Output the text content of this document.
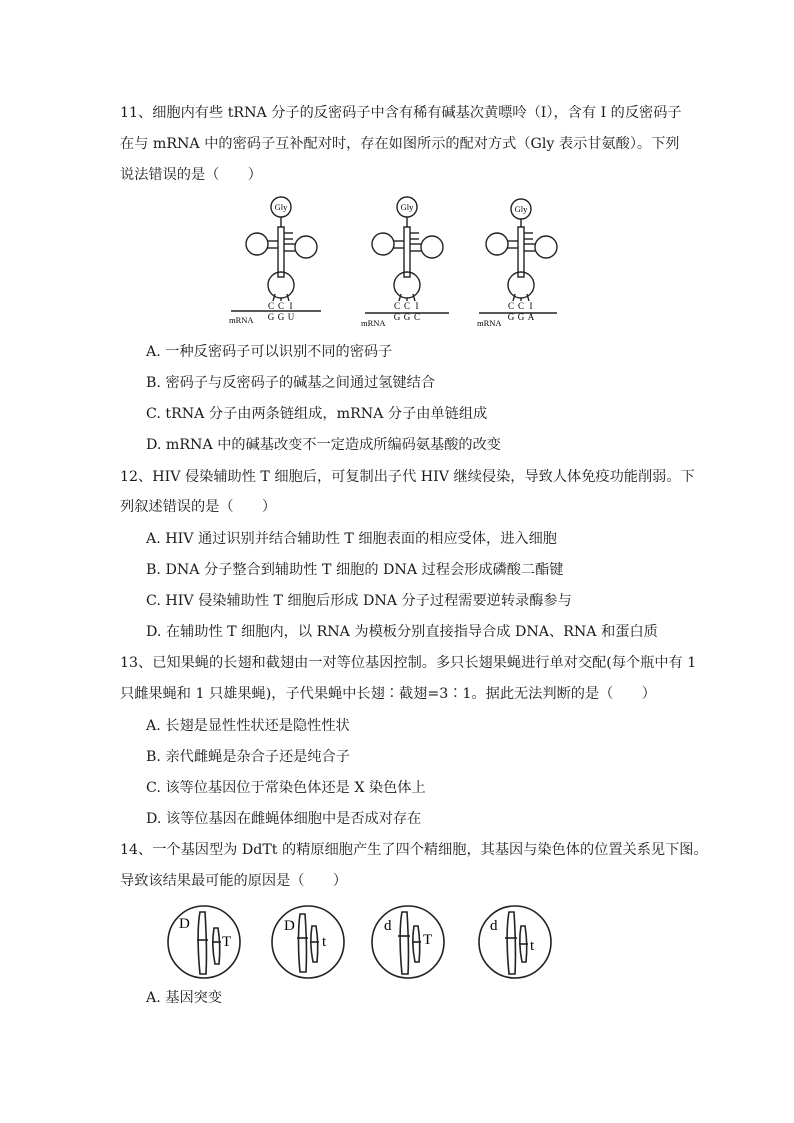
11、细胞内有些 tRNA 分子的反密码子中含有稀有碱基次黄嘌呤（I），含有 I 的反密码子
在与 mRNA 中的密码子互补配对时，存在如图所示的配对方式（Gly 表示甘氨酸）。下列
说法错误的是（　　）
Gly
C C I
G G U
mRNA
Gly
C C I
G G C
mRNA
Gly
C C I
G G A
mRNA
A. 一种反密码子可以识别不同的密码子
B. 密码子与反密码子的碱基之间通过氢键结合
C. tRNA 分子由两条链组成，mRNA 分子由单链组成
D. mRNA 中的碱基改变不一定造成所编码氨基酸的改变
12、HIV 侵染辅助性 T 细胞后，可复制出子代 HIV 继续侵染，导致人体免疫功能削弱。下
列叙述错误的是（　　）
A. HIV 通过识别并结合辅助性 T 细胞表面的相应受体，进入细胞
B. DNA 分子整合到辅助性 T 细胞的 DNA 过程会形成磷酸二酯键
C. HIV 侵染辅助性 T 细胞后形成 DNA 分子过程需要逆转录酶参与
D. 在辅助性 T 细胞内，以 RNA 为模板分别直接指导合成 DNA、RNA 和蛋白质
13、已知果蝇的长翅和截翅由一对等位基因控制。多只长翅果蝇进行单对交配(每个瓶中有 1
只雌果蝇和 1 只雄果蝇)，子代果蝇中长翅∶截翅=3∶1。据此无法判断的是（　　）
A. 长翅是显性性状还是隐性性状
B. 亲代雌蝇是杂合子还是纯合子
C. 该等位基因位于常染色体还是 X 染色体上
D. 该等位基因在雌蝇体细胞中是否成对存在
14、一个基因型为 DdTt 的精原细胞产生了四个精细胞，其基因与染色体的位置关系见下图。
导致该结果最可能的原因是（　　）
D
T
D
t
d
T
d
t
A. 基因突变
